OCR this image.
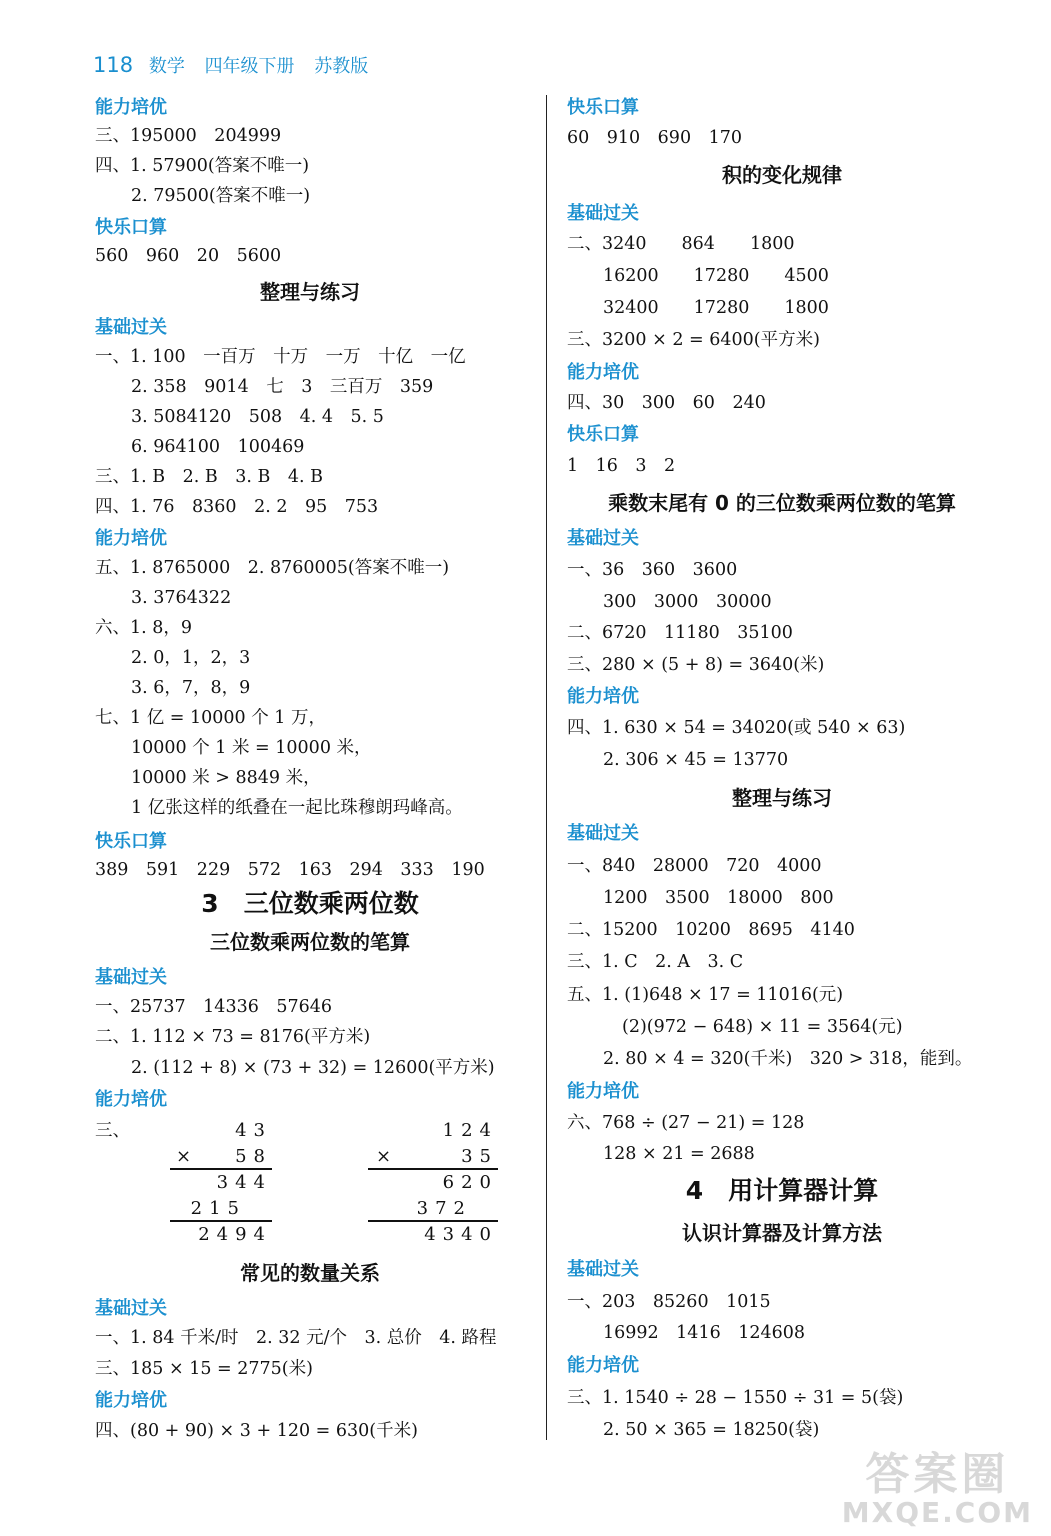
118 数学 四年级下册 苏教版
能力培优
三、195000　204999
四、1. 57900(答案不唯一)
2. 79500(答案不唯一)
快乐口算
560　960　20　5600
整理与练习
基础过关
一、1. 100　一百万　十万　一万　十亿　一亿
2. 358　9014　七　3　三百万　359
3. 5084120　508　4. 4　5. 5
6. 964100　100469
三、1. B　2. B　3. B　4. B
四、1. 76　8360　2. 2　95　753
能力培优
五、1. 8765000　2. 8760005(答案不唯一)
3. 3764322
六、1. 8，9
2. 0，1，2，3
3. 6，7，8，9
七、1 亿 = 10000 个 1 万，
10000 个 1 米 = 10000 米，
10000 米 > 8849 米，
1 亿张这样的纸叠在一起比珠穆朗玛峰高。
快乐口算
389　591　229　572　163　294　333　190
3　三位数乘两位数
三位数乘两位数的笔算
基础过关
一、25737　14336　57646
二、1. 112 × 73 = 8176(平方米)
2. (112 + 8) × (73 + 32) = 12600(平方米)
能力培优
三、	43
× 58
344
215
2494
124
×	35
620
372
4340
常见的数量关系
基础过关
一、1. 84 千米/时　2. 32 元/个　3. 总价　4. 路程
三、185 × 15 = 2775(米)
能力培优
四、(80 + 90) × 3 + 120 = 630(千米)
快乐口算
60　910　690　170
积的变化规律
基础过关
二、3240　　864　　1800
16200　　17280　　4500
32400　　17280　　1800
三、3200 × 2 = 6400(平方米)
能力培优
四、30　300　60　240
快乐口算
1　16　3　2
乘数末尾有 0 的三位数乘两位数的笔算
基础过关
一、36　360　3600
300　3000　30000
二、6720　11180　35100
三、280 × (5 + 8) = 3640(米)
能力培优
四、1. 630 × 54 = 34020(或 540 × 63)
2. 306 × 45 = 13770
整理与练习
基础过关
一、840　28000　720　4000
1200　3500　18000　800
二、15200　10200　8695　4140
三、1. C　2. A　3. C
五、1. (1)648 × 17 = 11016(元)
(2)(972 − 648) × 11 = 3564(元)
2. 80 × 4 = 320(千米)　320 > 318，能到。
能力培优
六、768 ÷ (27 − 21) = 128
128 × 21 = 2688
4　用计算器计算
认识计算器及计算方法
基础过关
一、203　85260　1015
16992　1416　124608
能力培优
三、1. 1540 ÷ 28 − 1550 ÷ 31 = 5(袋)
2. 50 × 365 = 18250(袋)
答案圈
MXQE.COM
